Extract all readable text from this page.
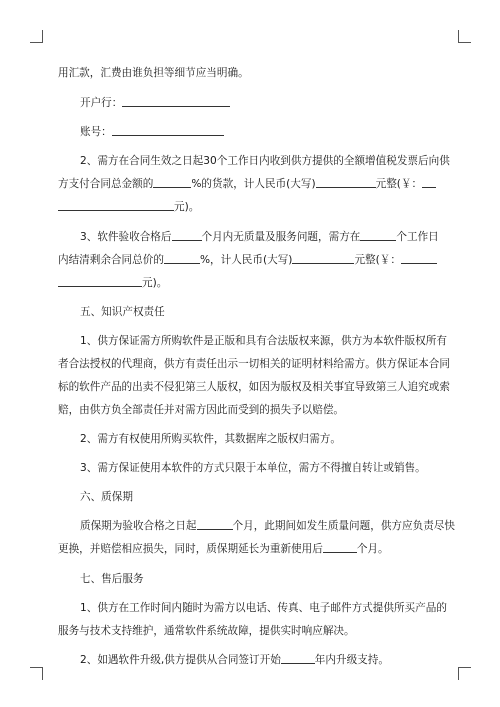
用汇款，汇费由谁负担等细节应当明确。
开户行：
账号：
2、需方在合同生效之日起30个工作日内收到供方提供的全额增值税发票后向供
方支付合同总金额的	%的货款，计人民币(大写)	元整(￥：
元)。
3、软件验收合格后	个月内无质量及服务问题，需方在	个工作日
内结清剩余合同总价的	%，计人民币(大写)	元整(￥：
元)。
五、知识产权责任
1、供方保证需方所购软件是正版和具有合法版权来源，供方为本软件版权所有
者合法授权的代理商，供方有责任出示一切相关的证明材料给需方。供方保证本合同
标的软件产品的出卖不侵犯第三人版权，如因为版权及相关事宜导致第三人追究或索
赔，由供方负全部责任并对需方因此而受到的损失予以赔偿。
2、需方有权使用所购买软件，其数据库之版权归需方。
3、需方保证使用本软件的方式只限于本单位，需方不得擅自转让或销售。
六、质保期
质保期为验收合格之日起	个月，此期间如发生质量问题，供方应负责尽快
更换，并赔偿相应损失，同时，质保期延长为重新使用后	个月。
七、售后服务
1、供方在工作时间内随时为需方以电话、传真、电子邮件方式提供所买产品的
服务与技术支持维护，通常软件系统故障，提供实时响应解决。
2、如遇软件升级,供方提供从合同签订开始	年内升级支持。
